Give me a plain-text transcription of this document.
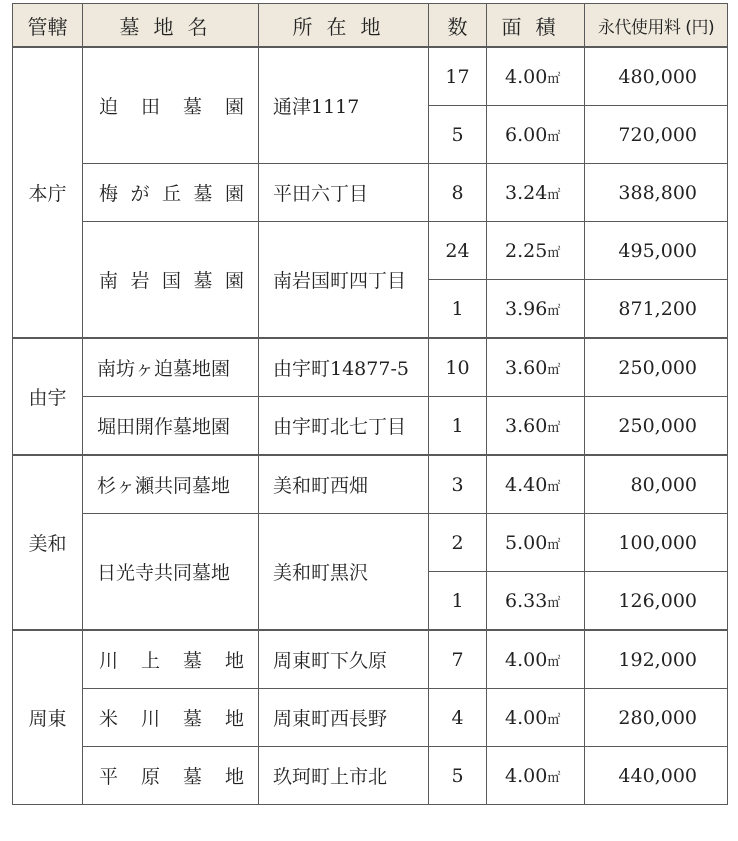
管轄	墓地名	所在地	数	面積	永代使用料 (円)
本庁	迫田墓園	通津1117	17	4.00㎡	480,000
			5	6.00㎡	720,000
	梅が丘墓園	平田六丁目	8	3.24㎡	388,800
	南岩国墓園	南岩国町四丁目	24	2.25㎡	495,000
			1	3.96㎡	871,200
由宇	南坊ヶ迫墓地園	由宇町14877-5	10	3.60㎡	250,000
	堀田開作墓地園	由宇町北七丁目	1	3.60㎡	250,000
美和	杉ヶ瀬共同墓地	美和町西畑	3	4.40㎡	80,000
	日光寺共同墓地	美和町黒沢	2	5.00㎡	100,000
			1	6.33㎡	126,000
周東	川上墓地	周東町下久原	7	4.00㎡	192,000
	米川墓地	周東町西長野	4	4.00㎡	280,000
	平原墓地	玖珂町上市北	5	4.00㎡	440,000
